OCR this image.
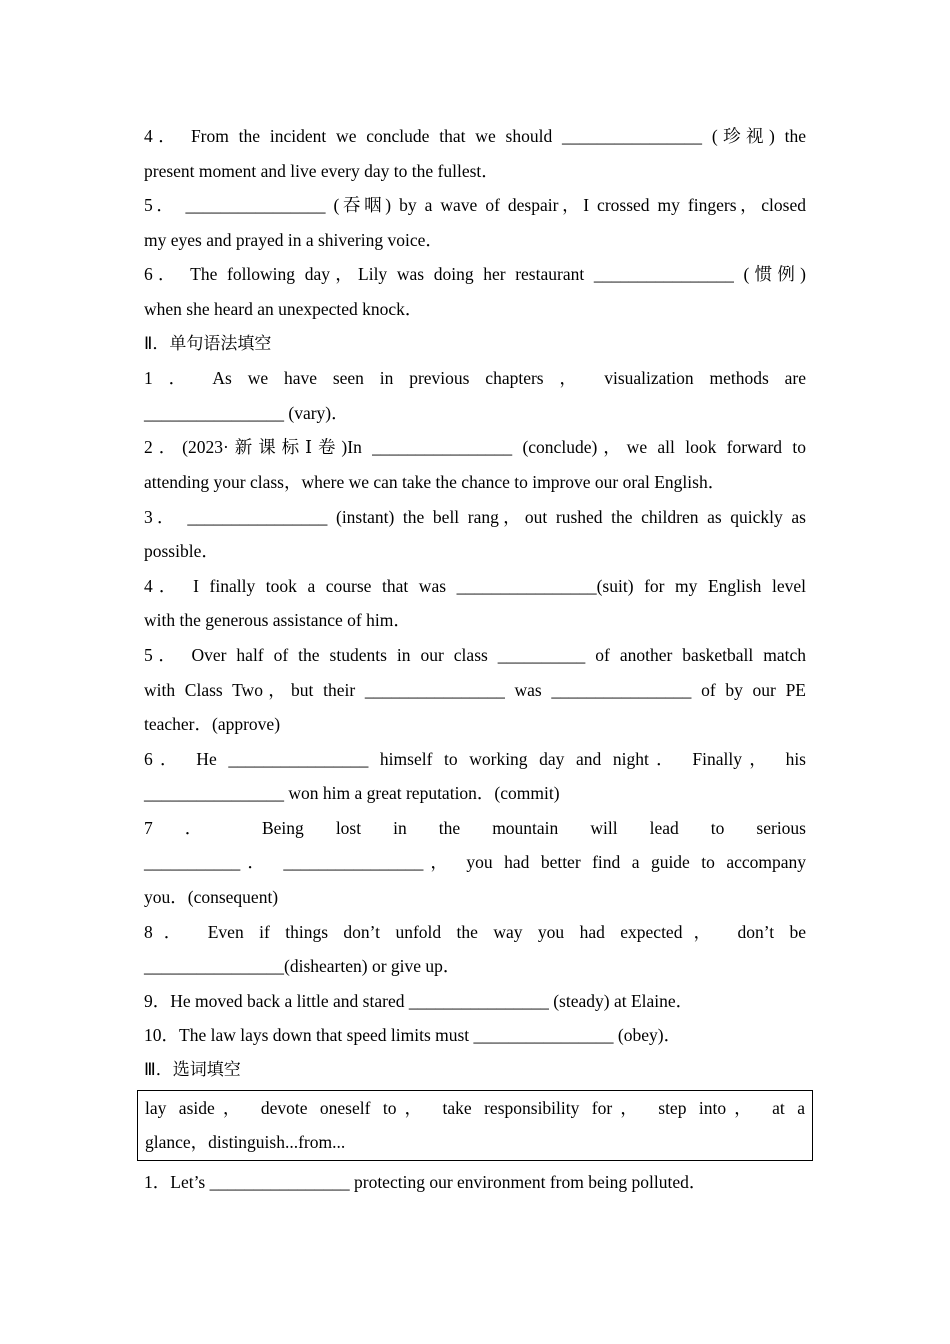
4． From the incident we conclude that we should ________________ (珍视) the
present moment and live every day to the fullest．
5． ________________ (吞咽) by a wave of despair，I crossed my fingers，closed
my eyes and prayed in a shivering voice．
6． The following day，Lily was doing her restaurant ________________ (惯例)
when she heard an unexpected knock．
Ⅱ．单句语法填空
1 ． As we have seen in previous chapters ， visualization methods are
________________ (vary)．
2．(2023·新课标Ⅰ卷)In ________________ (conclude)，we all look forward to
attending your class，where we can take the chance to improve our oral English．
3． ________________ (instant) the bell rang，out rushed the children as quickly as
possible．
4． I finally took a course that was ________________(suit) for my English level
with the generous assistance of him．
5． Over half of the students in our class __________ of another basketball match
with Class Two，but their ________________ was ________________ of by our PE
teacher．(approve)
6． He ________________ himself to working day and night． Finally， his
________________ won him a great reputation．(commit)
7 ． Being lost in the mountain will lead to serious
___________． ________________， you had better find a guide to accompany
you．(consequent)
8． Even if things don’t unfold the way you had expected， don’t be
________________(dishearten) or give up．
9．He moved back a little and stared ________________ (steady) at Elaine．
10．The law lays down that speed limits must ________________ (obey)．
Ⅲ．选词填空
lay aside， devote oneself to， take responsibility for， step into， at a
glance，distinguish...from...
1．Let’s ________________ protecting our environment from being polluted．
